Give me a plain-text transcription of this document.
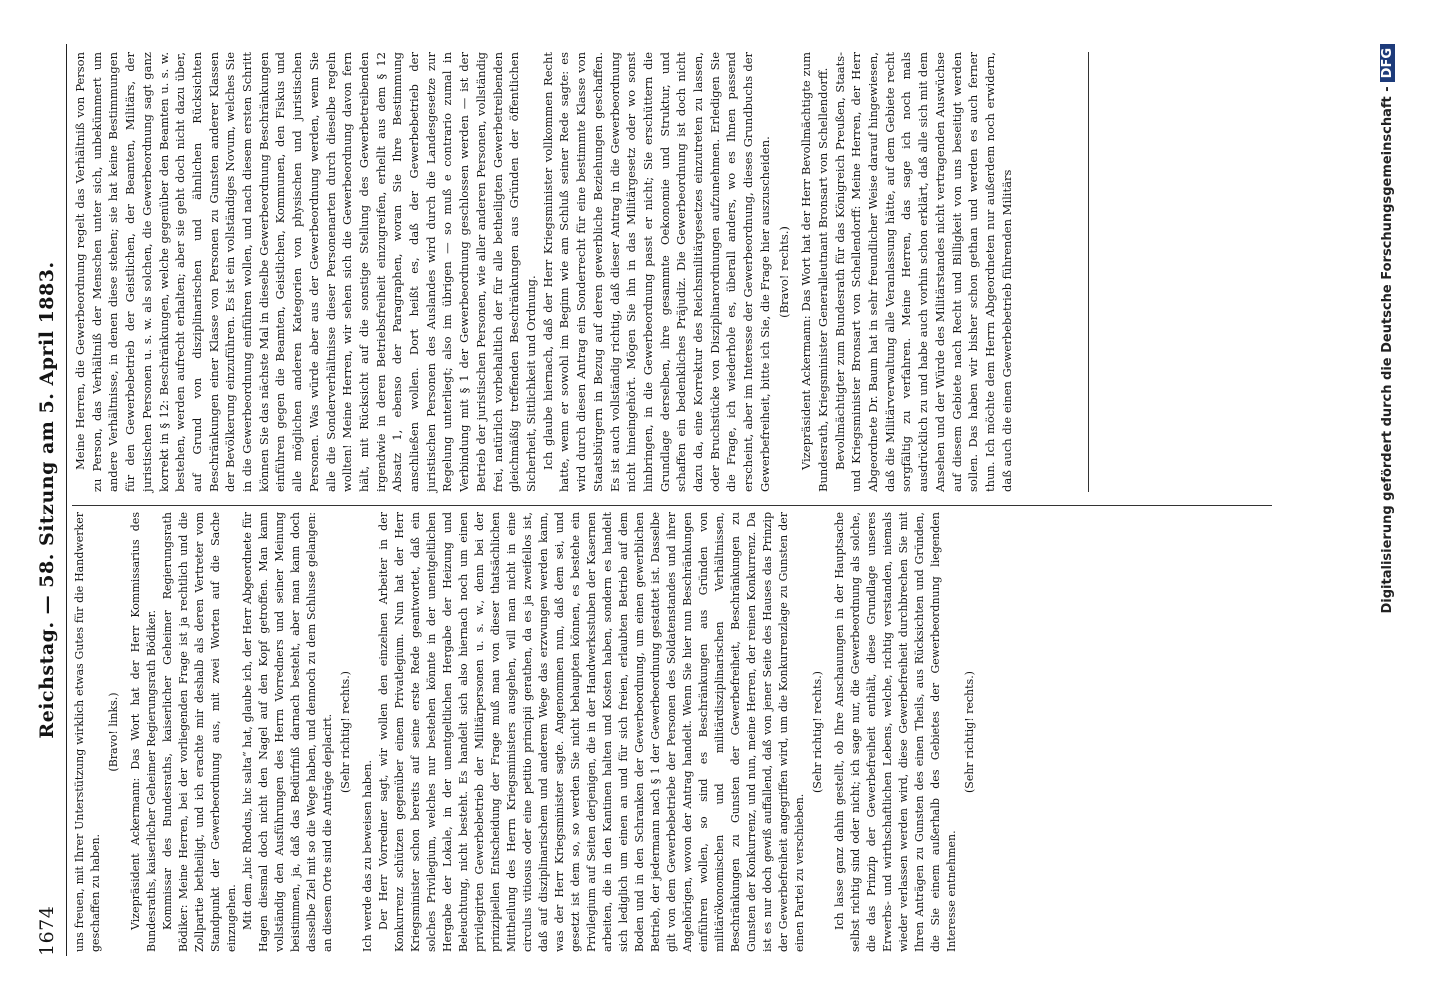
1674
Reichstag. — 58. Sitzung am 5. April 1883. uns freuen, mit Ihrer Unterstützung wirklich etwas Gutes für die Handwerker geschaffen zu haben.

(Bravo! links.) Vizepräsident Ackermann: Das Wort hat der Herr Kommissarius des Bundesraths, kaiserlicher Geheimer Regierungsrath Bödiker. Kommissar des Bundesraths, kaiserlicher Geheimer Regierungsrath Bödiker: Meine Herren, bei der vorliegenden Frage ist ja rechtlich und die Zollpartie betheiligt, und ich erachte mir deshalb als deren Vertreter vom Standpunkt der Gewerbeordnung aus, mit zwei Worten auf die Sache einzugehen. Mit dem „hic Rhodus, hic salta“ hat, glaube ich, der Herr Abgeordnete für Hagen diesmal doch nicht den Nagel auf den Kopf getroffen. Man kann vollständig den Ausführungen des Herrn Vorredners und seiner Meinung beistimmen, ja, daß das Bedürfniß darnach besteht, aber man kann doch dasselbe Ziel mit so die Wege haben, und dennoch zu dem Schlusse gelangen: an diesem Orte sind die Anträge deplacirt. (Sehr richtig! rechts.)

Ich werde das zu beweisen haben. Der Herr Vorredner sagt, wir wollen den einzelnen Arbeiter in der Konkurrenz schützen gegenüber einem Privatlegium. Nun hat der Herr Kriegsminister schon bereits auf seine erste Rede geantwortet, daß ein solches Privilegium, welches nur bestehen könnte in der unentgeltlichen Hergabe der Lokale, in der unentgeltlichen Hergabe der Heizung und Beleuchtung, nicht besteht. Es handelt sich also hiernach noch um einen privilegirten Gewerbebetrieb der Militärpersonen u. s. w., denn bei der prinzipiellen Entscheidung der Frage muß man von dieser thatsächlichen Mittheilung des Herrn Kriegsministers ausgehen, will man nicht in eine circulus vitiosus oder eine petitio principii gerathen, da es ja zweifellos ist, daß auf disziplinarischem und anderem Wege das erzwungen werden kann, was der Herr Kriegsminister sagte. Angenommen nun, daß dem sei, und gesetzt ist dem so, so werden Sie nicht behaupten können, es bestehe ein Privilegium auf Seiten derjenigen, die in der Handwerksstuben der Kasernen arbeiten, die in den Kantinen halten und Kosten haben, sondern es handelt sich lediglich um einen an und für sich freien, erlaubten Betrieb auf dem Boden und in den Schranken der Gewerbeordnung, um einen gewerblichen Betrieb, der jedermann nach § 1 der Gewerbeordnung gestattet ist. Dasselbe gilt von dem Gewerbebetriebe der Personen des Soldatenstandes und ihrer Angehörigen, wovon der Antrag handelt. Wenn Sie hier nun Beschränkungen einführen wollen, so sind es Beschränkungen aus Gründen von militärökonomischen und militärdisziplinarischen Verhältnissen, Beschränkungen zu Gunsten der Gewerbefreiheit, Beschränkungen zu Gunsten der Konkurrenz, und nun, meine Herren, der reinen Konkurrenz. Da ist es nur doch gewiß auffallend, daß von jener Seite des Hauses das Prinzip der Gewerbefreiheit angegriffen wird, um die Konkurrenzlage zu Gunsten der einen Partei zu verschieben.

(Sehr richtig! rechts.) Ich lasse ganz dahin gestellt, ob Ihre Anschauungen in der Hauptsache selbst richtig sind oder nicht; ich sage nur, die Gewerbeordnung als solche, die das Prinzip der Gewerbefreiheit enthält, diese Grundlage unseres Erwerbs- und wirthschaftlichen Lebens, welche, richtig verstanden, niemals wieder verlassen werden wird, diese Gewerbefreiheit durchbrechen Sie mit Ihren Anträgen zu Gunsten des einen Theils, aus Rücksichten und Gründen, die Sie einem außerhalb des Gebietes der Gewerbeordnung liegenden Interesse entnehmen.

(Sehr richtig! rechts.)

Meine Herren, die Gewerbeordnung regelt das Verhältniß von Person zu Person, das Verhältniß der Menschen unter sich, unbekümmert um andere Verhältnisse, in denen diese stehen; sie hat keine Bestimmungen für den Gewerbebetrieb der Geistlichen, der Beamten, Militärs, der juristischen Personen u. s. w. als solchen, die Gewerbeordnung sagt ganz korrekt in § 12: Beschränkungen, welche gegenüber den Beamten u. s. w. bestehen, werden aufrecht erhalten; aber sie geht doch nicht dazu über, auf Grund von disziplinarischen und ähnlichen Rücksichten Beschränkungen einer Klasse von Personen zu Gunsten anderer Klassen der Bevölkerung einzuführen. Es ist ein vollständiges Novum, welches Sie in die Gewerbeordnung einführen wollen, und nach diesem ersten Schritt können Sie das nächste Mal in dieselbe Gewerbeordnung Beschränkungen einführen gegen die Beamten, Geistlichen, Kommunen, den Fiskus und alle möglichen anderen Kategorien von physischen und juristischen Personen. Was würde aber aus der Gewerbeordnung werden, wenn Sie alle die Sonderverhältnisse dieser Personenarten durch dieselbe regeln wollten! Meine Herren, wir sehen sich die Gewerbeordnung davon fern hält, mit Rücksicht auf die sonstige Stellung des Gewerbetreibenden irgendwie in deren Betriebsfreiheit einzugreifen, erhellt aus dem § 12 Absatz 1, ebenso der Paragraphen, woran Sie Ihre Bestimmung anschließen wollen. Dort heißt es, daß der Gewerbebetrieb der juristischen Personen des Auslandes wird durch die Landesgesetze zur Regelung unterliegt; also im übrigen — so muß e contrario zumal in Verbindung mit § 1 der Gewerbeordnung geschlossen werden — ist der Betrieb der juristischen Personen, wie aller anderen Personen, vollständig frei, natürlich vorbehaltlich der für alle betheiligten Gewerbetreibenden gleichmäßig treffenden Beschränkungen aus Gründen der öffentlichen Sicherheit, Sittlichkeit und Ordnung. Ich glaube hiernach, daß der Herr Kriegsminister vollkommen Recht hatte, wenn er sowohl im Beginn wie am Schluß seiner Rede sagte: es wird durch diesen Antrag ein Sonderrecht für eine bestimmte Klasse von Staatsbürgern in Bezug auf deren gewerbliche Beziehungen geschaffen. Es ist auch vollständig richtig, daß dieser Antrag in die Gewerbeordnung nicht hineingehört. Mögen Sie ihn in das Militärgesetz oder wo sonst hinbringen, in die Gewerbeordnung passt er nicht; Sie erschüttern die Grundlage derselben, ihre gesammte Oekonomie und Struktur, und schaffen ein bedenkliches Präjudiz. Die Gewerbeordnung ist doch nicht dazu da, eine Korrektur des Reichsmilitärgesetzes einzutreten zu lassen, oder Bruchstücke von Disziplinarordnungen aufzunehmen. Erledigen Sie die Frage, ich wiederhole es, überall anders, wo es Ihnen passend erscheint, aber im Interesse der Gewerbeordnung, dieses Grundbuchs der Gewerbefreiheit, bitte ich Sie, die Frage hier auszuscheiden. (Bravo! rechts.) Vizepräsident Ackermann: Das Wort hat der Herr Bevollmächtigte zum Bundesrath, Kriegsminister Generalleutnant Bronsart von Schellendorff. Bevollmächtigter zum Bundesrath für das Königreich Preußen, Staats- und Kriegsminister Bronsart von Schellendorff: Meine Herren, der Herr Abgeordnete Dr. Baum hat in sehr freundlicher Weise darauf hingewiesen, daß die Militärverwaltung alle Veranlassung hätte, auf dem Gebiete recht sorgfältig zu verfahren. Meine Herren, das sage ich noch mals ausdrücklich zu und habe auch vorhin schon erklärt, daß alle sich mit dem Ansehen und der Würde des Militärstandes nicht vertragenden Auswüchse auf diesem Gebiete nach Recht und Billigkeit von uns beseitigt werden sollen. Das haben wir bisher schon gethan und werden es auch ferner thun. Ich möchte dem Herrn Abgeordneten nur außerdem noch erwidern, daß auch die einen Gewerbebetrieb führenden Militärs	Digitalisierung gefördert durch die Deutsche Forschungsgemeinschaft -DFG
